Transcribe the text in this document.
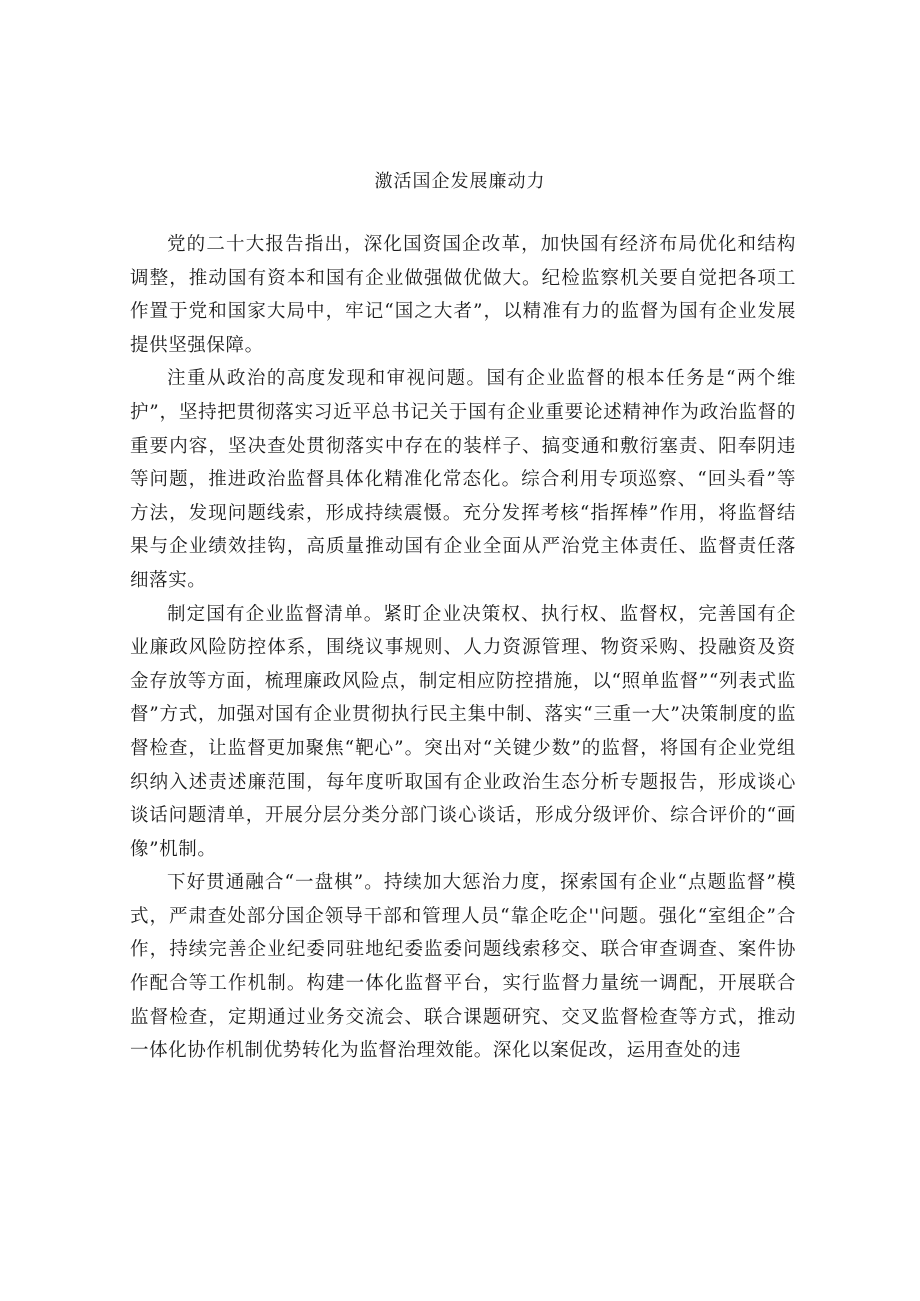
激活国企发展廉动力

党的二十大报告指出，深化国资国企改革，加快国有经济布局优化和结构调整，推动国有资本和国有企业做强做优做大。纪检监察机关要自觉把各项工作置于党和国家大局中，牢记“国之大者”，以精准有力的监督为国有企业发展提供坚强保障。

注重从政治的高度发现和审视问题。国有企业监督的根本任务是“两个维护”，坚持把贯彻落实习近平总书记关于国有企业重要论述精神作为政治监督的重要内容，坚决查处贯彻落实中存在的装样子、搞变通和敷衍塞责、阳奉阴违等问题，推进政治监督具体化精准化常态化。综合利用专项巡察、“回头看”等方法，发现问题线索，形成持续震慑。充分发挥考核“指挥棒”作用，将监督结果与企业绩效挂钩，高质量推动国有企业全面从严治党主体责任、监督责任落细落实。

制定国有企业监督清单。紧盯企业决策权、执行权、监督权，完善国有企业廉政风险防控体系，围绕议事规则、人力资源管理、物资采购、投融资及资金存放等方面，梳理廉政风险点，制定相应防控措施，以“照单监督”“列表式监督”方式，加强对国有企业贯彻执行民主集中制、落实“三重一大”决策制度的监督检查，让监督更加聚焦“靶心”。突出对“关键少数”的监督，将国有企业党组织纳入述责述廉范围，每年度听取国有企业政治生态分析专题报告，形成谈心谈话问题清单，开展分层分类分部门谈心谈话，形成分级评价、综合评价的“画像”机制。

下好贯通融合“一盘棋”。持续加大惩治力度，探索国有企业“点题监督”模式，严肃查处部分国企领导干部和管理人员“靠企吃企''问题。强化“室组企”合作，持续完善企业纪委同驻地纪委监委问题线索移交、联合审查调查、案件协作配合等工作机制。构建一体化监督平台，实行监督力量统一调配，开展联合监督检查，定期通过业务交流会、联合课题研究、交叉监督检查等方式，推动一体化协作机制优势转化为监督治理效能。深化以案促改，运用查处的违
